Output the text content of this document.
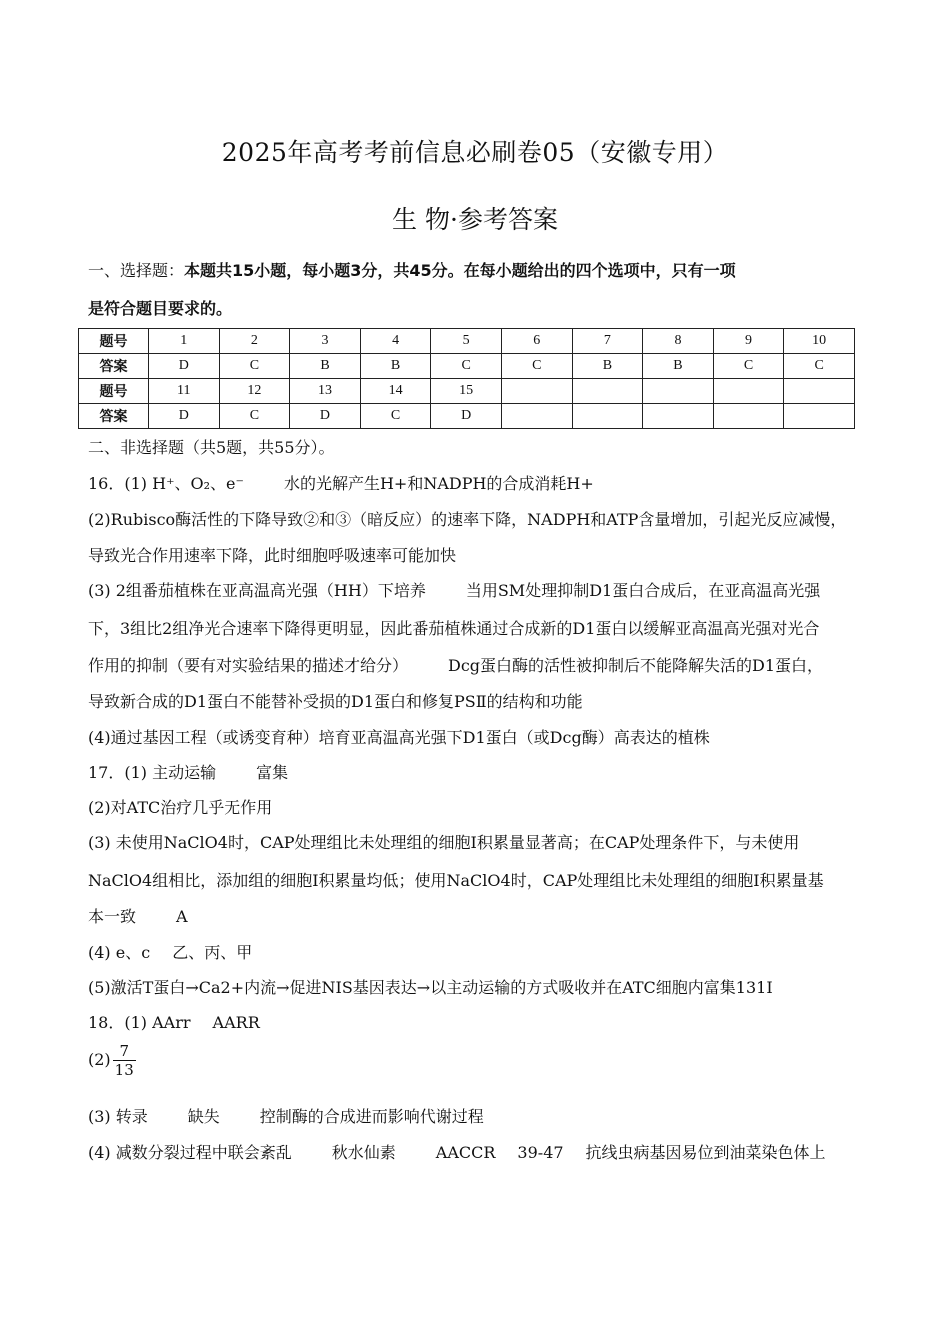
2025年高考考前信息必刷卷05（安徽专用）
生 物·参考答案
一、选择题：本题共15小题，每小题3分，共45分。在每小题给出的四个选项中，只有一项
是符合题目要求的。
题号	1	2	3	4	5	6	7	8	9	10
答案	D	C	B	B	C	C	B	B	C	C
题号	11	12	13	14	15					
答案	D	C	D	C	D					
二、非选择题（共5题，共55分）。
16．(1) H⁺、O₂、e⁻	水的光解产生H+和NADPH的合成消耗H+
(2)Rubisco酶活性的下降导致②和③（暗反应）的速率下降，NADPH和ATP含量增加，引起光反应减慢，
导致光合作用速率下降，此时细胞呼吸速率可能加快
(3) 2组番茄植株在亚高温高光强（HH）下培养	当用SM处理抑制D1蛋白合成后，在亚高温高光强
下，3组比2组净光合速率下降得更明显，因此番茄植株通过合成新的D1蛋白以缓解亚高温高光强对光合
作用的抑制（要有对实验结果的描述才给分）	Dcg蛋白酶的活性被抑制后不能降解失活的D1蛋白，
导致新合成的D1蛋白不能替补受损的D1蛋白和修复PSⅡ的结构和功能
(4)通过基因工程（或诱变育种）培育亚高温高光强下D1蛋白（或Dcg酶）高表达的植株
17．(1) 主动运输	富集
(2)对ATC治疗几乎无作用
(3) 未使用NaClO4时，CAP处理组比未处理组的细胞I积累量显著高；在CAP处理条件下，与未使用
NaClO4组相比，添加组的细胞I积累量均低；使用NaClO4时，CAP处理组比未处理组的细胞I积累量基
本一致	A
(4) e、c 乙、丙、甲
(5)激活T蛋白→Ca2+内流→促进NIS基因表达→以主动运输的方式吸收并在ATC细胞内富集131I
18．(1) AArr AARR
$(2) \frac{7}{13}$
(3) 转录	缺失	控制酶的合成进而影响代谢过程
(4) 减数分裂过程中联会紊乱	秋水仙素	AACCR 39-47 抗线虫病基因易位到油菜染色体上
